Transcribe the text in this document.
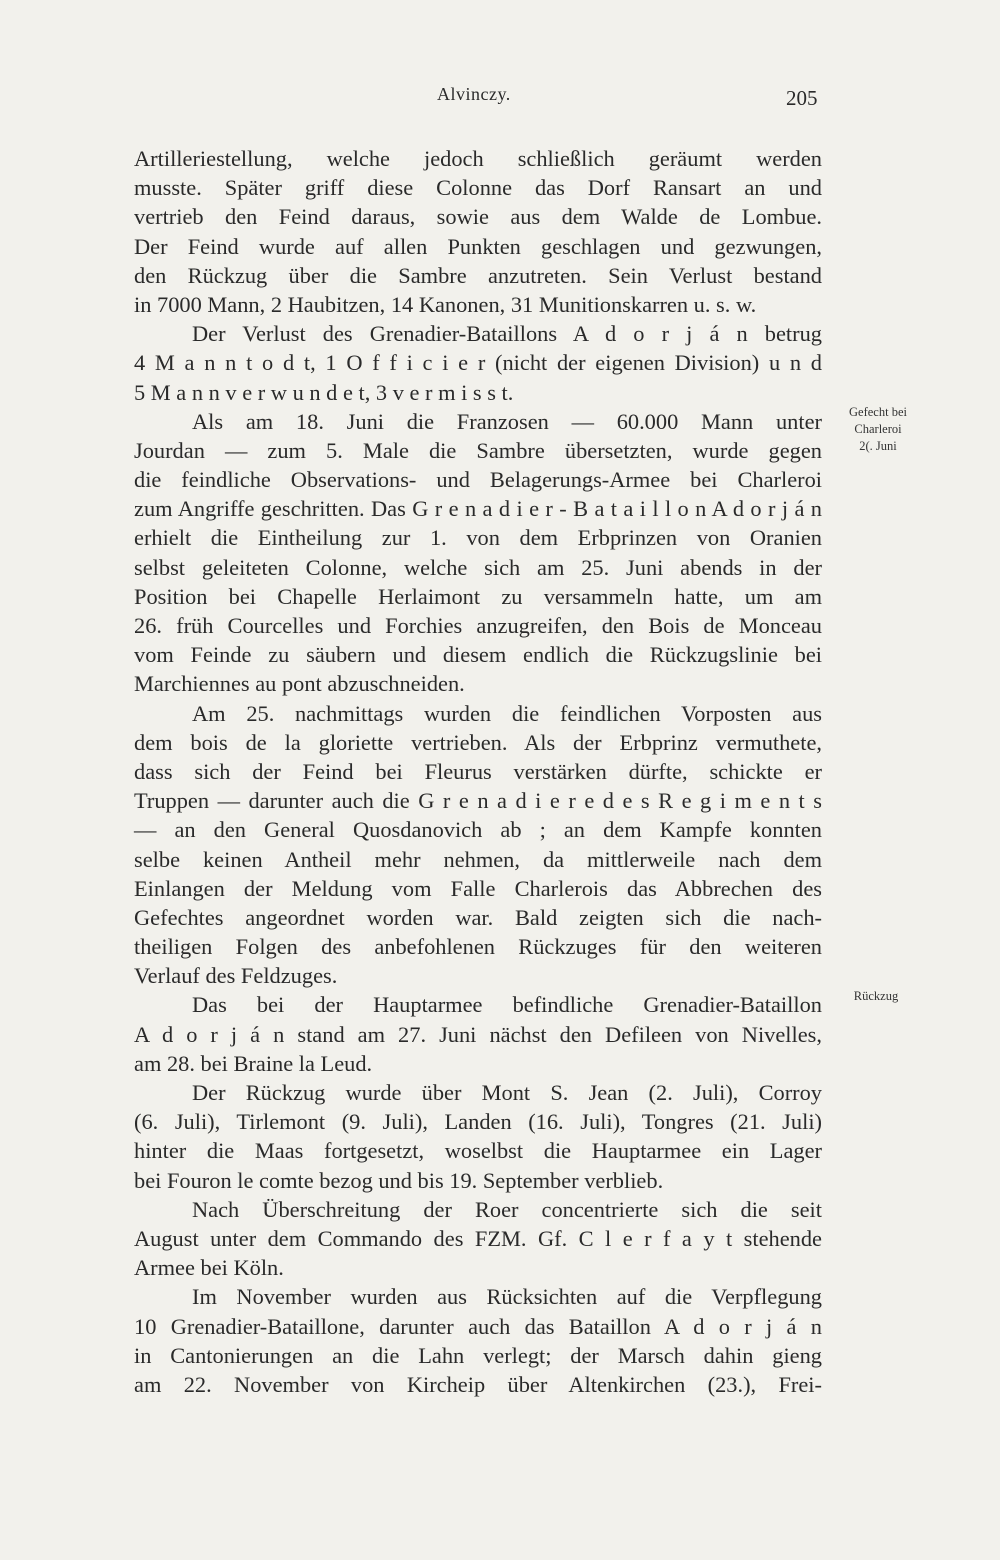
Alvinczy.	205
Artilleriestellung, welche jedoch schließlich geräumt werden
musste. Später griff diese Colonne das Dorf Ransart an und
vertrieb den Feind daraus, sowie aus dem Walde de Lombue.
Der Feind wurde auf allen Punkten geschlagen und gezwungen,
den Rückzug über die Sambre anzutreten. Sein Verlust bestand
in 7000 Mann, 2 Haubitzen, 14 Kanonen, 31 Munitionskarren u. s. w.
Der Verlust des Grenadier-Bataillons A d o r j á n betrug
4 M a n n t o d t, 1 O f f i c i e r (nicht der eigenen Division) u n d
5 M a n n v e r w u n d e t, 3 v e r m i s s t.
Als am 18. Juni die Franzosen — 60.000 Mann unter
Jourdan — zum 5. Male die Sambre übersetzten, wurde gegen
die feindliche Observations- und Belagerungs-Armee bei Charleroi
zum Angriffe geschritten. Das G r e n a d i e r - B a t a i l l o n A d o r j á n
erhielt die Eintheilung zur 1. von dem Erbprinzen von Oranien
selbst geleiteten Colonne, welche sich am 25. Juni abends in der
Position bei Chapelle Herlaimont zu versammeln hatte, um am
26. früh Courcelles und Forchies anzugreifen, den Bois de Monceau
vom Feinde zu säubern und diesem endlich die Rückzugslinie bei
Marchiennes au pont abzuschneiden.
Am 25. nachmittags wurden die feindlichen Vorposten aus
dem bois de la gloriette vertrieben. Als der Erbprinz vermuthete,
dass sich der Feind bei Fleurus verstärken dürfte, schickte er
Truppen — darunter auch die G r e n a d i e r e d e s R e g i m e n t s
— an den General Quosdanovich ab ; an dem Kampfe konnten
selbe keinen Antheil mehr nehmen, da mittlerweile nach dem
Einlangen der Meldung vom Falle Charlerois das Abbrechen des
Gefechtes angeordnet worden war. Bald zeigten sich die nach-
theiligen Folgen des anbefohlenen Rückzuges für den weiteren
Verlauf des Feldzuges.
Das bei der Hauptarmee befindliche Grenadier-Bataillon
A d o r j á n stand am 27. Juni nächst den Defileen von Nivelles,
am 28. bei Braine la Leud.
Der Rückzug wurde über Mont S. Jean (2. Juli), Corroy
(6. Juli), Tirlemont (9. Juli), Landen (16. Juli), Tongres (21. Juli)
hinter die Maas fortgesetzt, woselbst die Hauptarmee ein Lager
bei Fouron le comte bezog und bis 19. September verblieb.
Nach Überschreitung der Roer concentrierte sich die seit
August unter dem Commando des FZM. Gf. C l e r f a y t stehende
Armee bei Köln.
Im November wurden aus Rücksichten auf die Verpflegung
10 Grenadier-Bataillone, darunter auch das Bataillon A d o r j á n
in Cantonierungen an die Lahn verlegt; der Marsch dahin gieng
am 22. November von Kircheip über Altenkirchen (23.), Frei-
Gefecht bei
Charleroi
2(. Juni
Rückzug
